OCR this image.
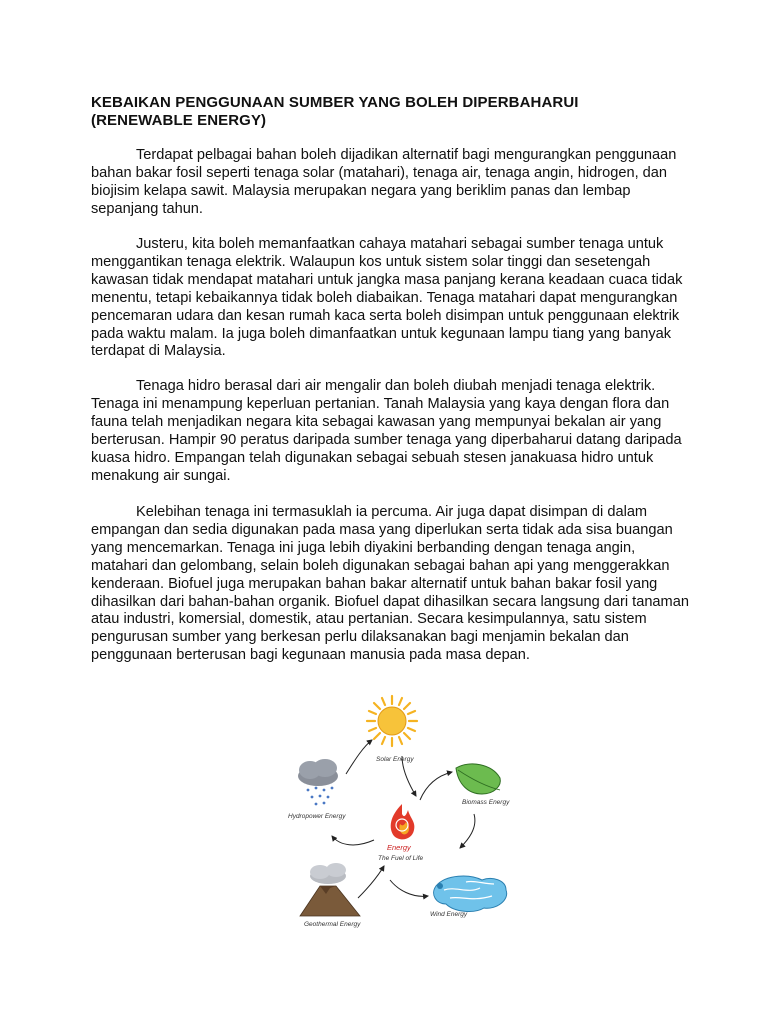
KEBAIKAN PENGGUNAAN SUMBER YANG BOLEH DIPERBAHARUI
(RENEWABLE ENERGY)

Terdapat pelbagai bahan boleh dijadikan alternatif bagi mengurangkan penggunaan bahan bakar fosil seperti tenaga solar (matahari), tenaga air, tenaga angin, hidrogen, dan biojisim kelapa sawit. Malaysia merupakan negara yang beriklim panas dan lembap sepanjang tahun.

Justeru, kita boleh memanfaatkan cahaya matahari sebagai sumber tenaga untuk menggantikan tenaga elektrik. Walaupun kos untuk sistem solar tinggi dan sesetengah kawasan tidak mendapat matahari untuk jangka masa panjang kerana keadaan cuaca tidak menentu, tetapi kebaikannya tidak boleh diabaikan. Tenaga matahari dapat mengurangkan pencemaran udara dan kesan rumah kaca serta boleh disimpan untuk penggunaan elektrik pada waktu malam. Ia juga boleh dimanfaatkan untuk kegunaan lampu tiang yang banyak terdapat di Malaysia.

Tenaga hidro berasal dari air mengalir dan boleh diubah menjadi tenaga elektrik. Tenaga ini menampung keperluan pertanian. Tanah Malaysia yang kaya dengan flora dan fauna telah menjadikan negara kita sebagai kawasan yang mempunyai bekalan air yang berterusan. Hampir 90 peratus daripada sumber tenaga yang diperbaharui datang daripada kuasa hidro. Empangan telah digunakan sebagai sebuah stesen janakuasa hidro untuk menakung air sungai.

Kelebihan tenaga ini termasuklah ia percuma. Air juga dapat disimpan di dalam empangan dan sedia digunakan pada masa yang diperlukan serta tidak ada sisa buangan yang mencemarkan. Tenaga ini juga lebih diyakini berbanding dengan tenaga angin, matahari dan gelombang, selain boleh digunakan sebagai bahan api yang menggerakkan kenderaan. Biofuel juga merupakan bahan bakar alternatif untuk bahan bakar fosil yang dihasilkan dari bahan-bahan organik. Biofuel dapat dihasilkan secara langsung dari tanaman atau industri, komersial, domestik, atau pertanian. Secara kesimpulannya, satu sistem pengurusan sumber yang berkesan perlu dilaksanakan bagi menjamin bekalan dan penggunaan berterusan bagi kegunaan manusia pada masa depan.

Solar Energy
Biomass Energy
Hydropower Energy
Energy
The Fuel of Life
Geothermal Energy
Wind Energy
